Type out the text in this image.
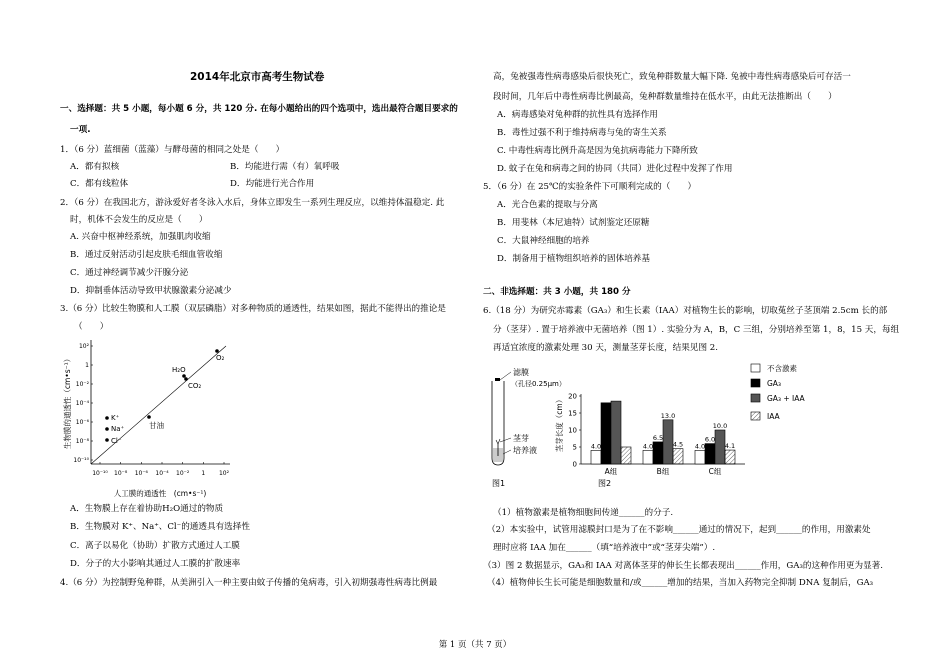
2014年北京市高考生物试卷
一、选择题：共 5 小题，每小题 6 分，共 120 分. 在每小题给出的四个选项中，选出最符合题目要求的
一项.
1．（6 分）蓝细菌（蓝藻）与酵母菌的相同之处是（　　）
A．都有拟核	B．均能进行需（有）氧呼吸
C．都有线粒体	D．均能进行光合作用
2．（6 分）在我国北方，游泳爱好者冬泳入水后，身体立即发生一系列生理反应，以维持体温稳定. 此
时，机体不会发生的反应是（　　）
A. 兴奋中枢神经系统，加强肌肉收缩
B．通过反射活动引起皮肤毛细血管收缩
C．通过神经调节减少汗腺分泌
D．抑制垂体活动导致甲状腺激素分泌减少
3.（6 分）比较生物膜和人工膜（双层磷脂）对多种物质的通透性，结果如图，据此不能得出的推论是
（　　）
10²
1
10⁻²
10⁻⁴
10⁻⁶
10⁻⁸
10⁻¹⁰
10⁻¹⁰ 10⁻⁸ 10⁻⁶ 10⁻⁴ 10⁻² 1 10²
生物膜的通透性（cm•s⁻¹）
人工膜的通透性　(cm•s⁻¹)
H₂O
O₂
CO₂
K⁺
Na⁺
Cl⁻
甘油
A．生物膜上存在着协助H₂O通过的物质
B．生物膜对 K⁺、Na⁺、Cl⁻的通透具有选择性
C．离子以易化（协助）扩散方式通过人工膜
D．分子的大小影响其通过人工膜的扩散速率
4.（6 分）为控制野兔种群，从美洲引入一种主要由蚊子传播的兔病毒，引入初期强毒性病毒比例最
高，兔被强毒性病毒感染后很快死亡，致兔种群数量大幅下降. 兔被中毒性病毒感染后可存活一
段时间，几年后中毒性病毒比例最高，兔种群数量维持在低水平，由此无法推断出（　　）
A．病毒感染对兔种群的抗性具有选择作用
B．毒性过强不利于维持病毒与兔的寄生关系
C. 中毒性病毒比例升高是因为兔抗病毒能力下降所致
D. 蚊子在兔和病毒之间的协同（共同）进化过程中发挥了作用
5．（6 分）在 25℃的实验条件下可顺利完成的（　　）
A．光合色素的提取与分离
B．用斐林（本尼迪特）试剂鉴定还原糖
C．大鼠神经细胞的培养
D．制备用于植物组织培养的固体培养基
二、非选择题：共 3 小题，共 180 分
6.（18 分）为研究赤霉素（GA₃）和生长素（IAA）对植物生长的影响，切取菟丝子茎顶端 2.5cm 长的部
分（茎芽）. 置于培养液中无菌培养（图 1）. 实验分为 A，B，C 三组，分别培养至第 1，8，15 天，每组
再适宜浓度的激素处理 30 天，测量茎芽长度，结果见图 2.
滤膜
（孔径0.25μm）
茎芽
培养液
图1
茎芽长度（cm）
0
5
10
15
20
4.0
A组
4.0
6.5
13.0
4.5
B组
4.0
6.0
10.0
4.1
C组
图2
不含激素
GA₃
GA₃ + IAA
IAA
（1）植物激素是植物细胞间传递______的分子.
（2）本实验中，试管用滤膜封口是为了在不影响______通过的情况下，起到______的作用，用激素处
理时应将 IAA 加在______（填“培养液中”或“茎芽尖端”）.
（3）图 2 数据显示，GA₃和 IAA 对离体茎芽的伸长生长都表现出______作用，GA₃的这种作用更为显著.
（4）植物伸长生长可能是细胞数量和/或______增加的结果，当加入药物完全抑制 DNA 复制后，GA₃
第 1 页（共 7 页）
